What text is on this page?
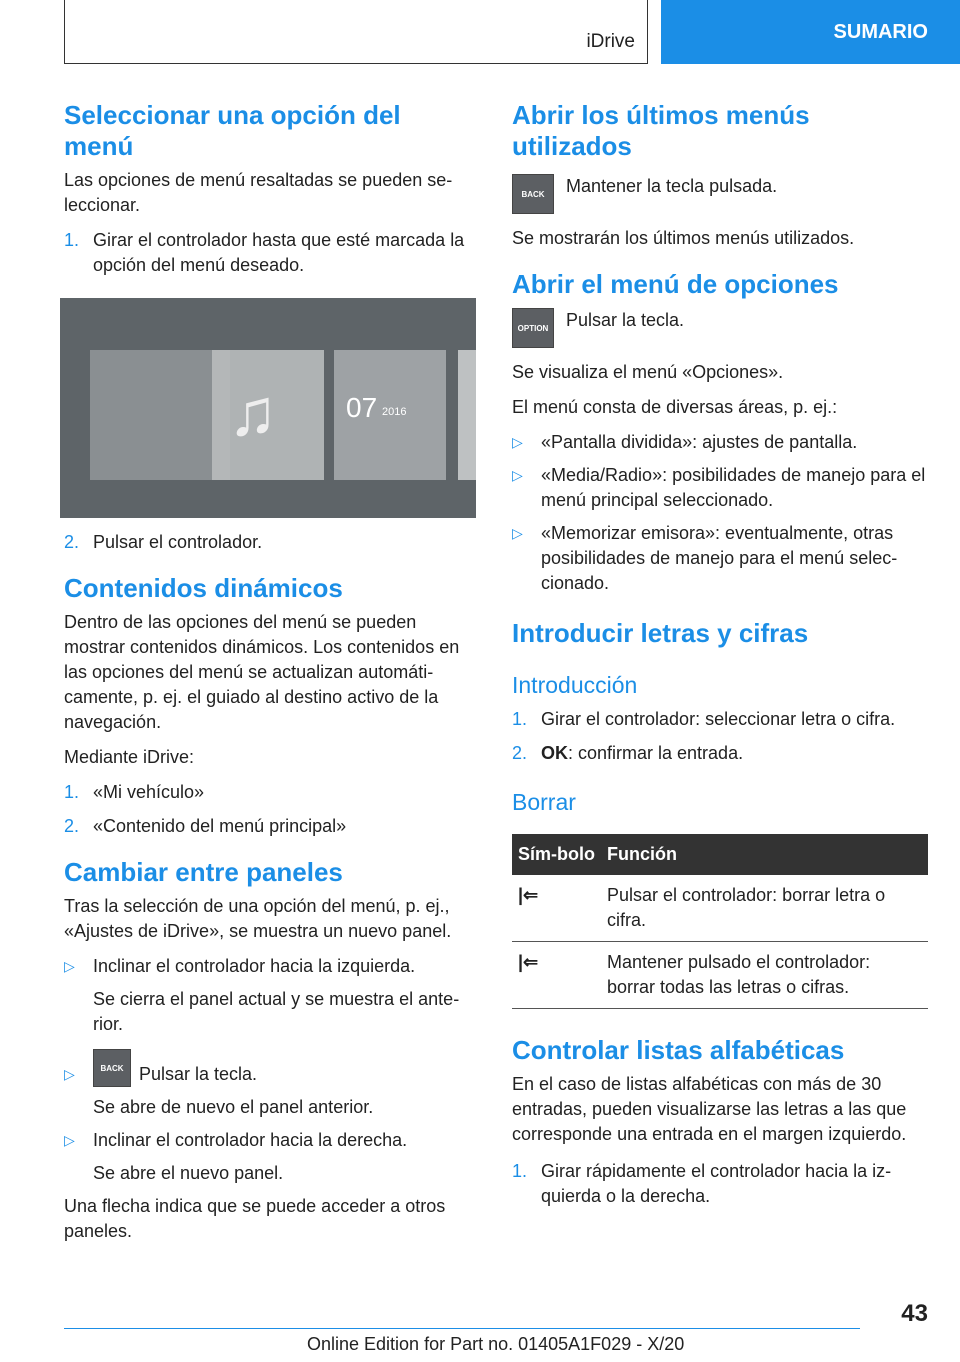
iDrive	SUMARIO
Seleccionar una opción del menú

Las opciones de menú resaltadas se pueden se-leccionar.

1. Girar el controlador hasta que esté marcada la opción del menú deseado.
♫ 07 2016
2. Pulsar el controlador.
Contenidos dinámicos

Dentro de las opciones del menú se pueden mostrar contenidos dinámicos. Los contenidos en las opciones del menú se actualizan automáti-camente, p. ej. el guiado al destino activo de la navegación.

Mediante iDrive:

1. «Mi vehículo»
2. «Contenido del menú principal»
Cambiar entre paneles

Tras la selección de una opción del menú, p. ej., «Ajustes de iDrive», se muestra un nuevo panel.

▷	Inclinar el controlador hacia la izquierda.

Se cierra el panel actual y se muestra el ante-rior.

▷	BACK Pulsar la tecla.

Se abre de nuevo el panel anterior.

▷	Inclinar el controlador hacia la derecha.

Se abre el nuevo panel.

Una flecha indica que se puede acceder a otros paneles.

Abrir los últimos menús utilizados
BACK	Mantener la tecla pulsada.

Se mostrarán los últimos menús utilizados.

Abrir el menú de opciones
OPTION Pulsar la tecla.

Se visualiza el menú «Opciones».

El menú consta de diversas áreas, p. ej.:

▷	«Pantalla dividida»: ajustes de pantalla.
▷	«Media/Radio»: posibilidades de manejo para el menú principal seleccionado.
▷	«Memorizar emisora»: eventualmente, otras posibilidades de manejo para el menú selec-cionado.
Introducir letras y cifras
Introducción
1. Girar el controlador: seleccionar letra o cifra.
2. OK : confirmar la entrada.
Borrar
Sím-bolo	Función
|⇐	Pulsar el controlador: borrar letra o cifra.
|⇐	Mantener pulsado el controlador: borrar todas las letras o cifras.
Controlar listas alfabéticas

En el caso de listas alfabéticas con más de 30 entradas, pueden visualizarse las letras a las que corresponde una entrada en el margen izquierdo.

1. Girar rápidamente el controlador hacia la iz-quierda o la derecha.
43
Online Edition for Part no. 01405A1F029 - X/20
